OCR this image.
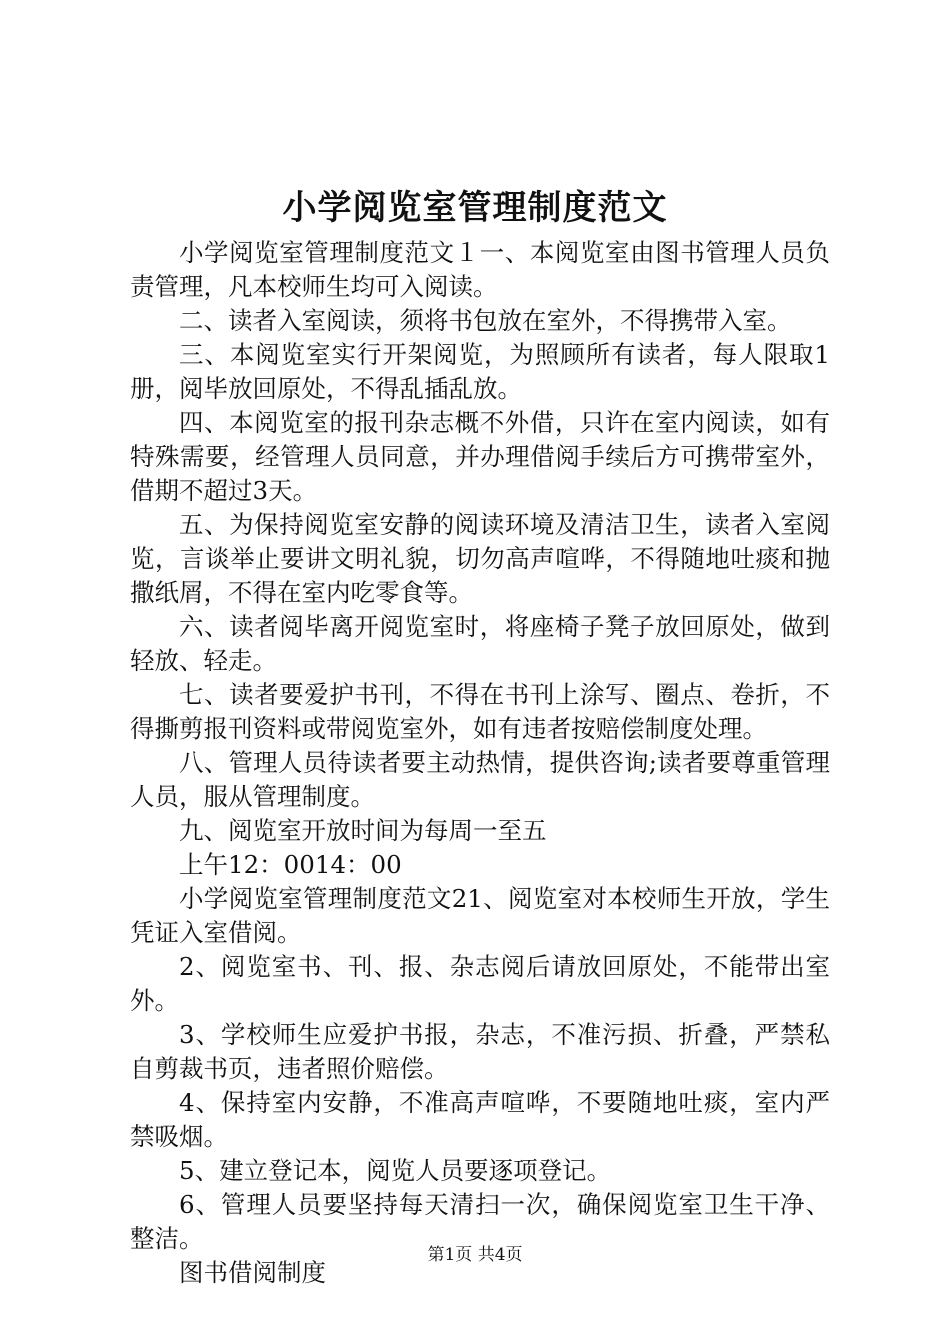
小学阅览室管理制度范文

小学阅览室管理制度范文１一、本阅览室由图书管理人员负责管理，凡本校师生均可入阅读。

二、读者入室阅读，须将书包放在室外，不得携带入室。

三、本阅览室实行开架阅览，为照顾所有读者，每人限取1册，阅毕放回原处，不得乱插乱放。

四、本阅览室的报刊杂志概不外借，只许在室内阅读，如有特殊需要，经管理人员同意，并办理借阅手续后方可携带室外，借期不超过3天。

五、为保持阅览室安静的阅读环境及清洁卫生，读者入室阅览，言谈举止要讲文明礼貌，切勿高声喧哗，不得随地吐痰和抛撒纸屑，不得在室内吃零食等。

六、读者阅毕离开阅览室时，将座椅子凳子放回原处，做到轻放、轻走。

七、读者要爱护书刊，不得在书刊上涂写、圈点、卷折，不得撕剪报刊资料或带阅览室外，如有违者按赔偿制度处理。

八、管理人员待读者要主动热情，提供咨询;读者要尊重管理人员，服从管理制度。

九、阅览室开放时间为每周一至五

上午12：0014：00

小学阅览室管理制度范文21、阅览室对本校师生开放，学生凭证入室借阅。

2、阅览室书、刊、报、杂志阅后请放回原处，不能带出室外。

3、学校师生应爱护书报，杂志，不准污损、折叠，严禁私自剪裁书页，违者照价赔偿。

4、保持室内安静，不准高声喧哗，不要随地吐痰，室内严禁吸烟。

5、建立登记本，阅览人员要逐项登记。

6、管理人员要坚持每天清扫一次，确保阅览室卫生干净、整洁。

图书借阅制度

第1页 共4页
